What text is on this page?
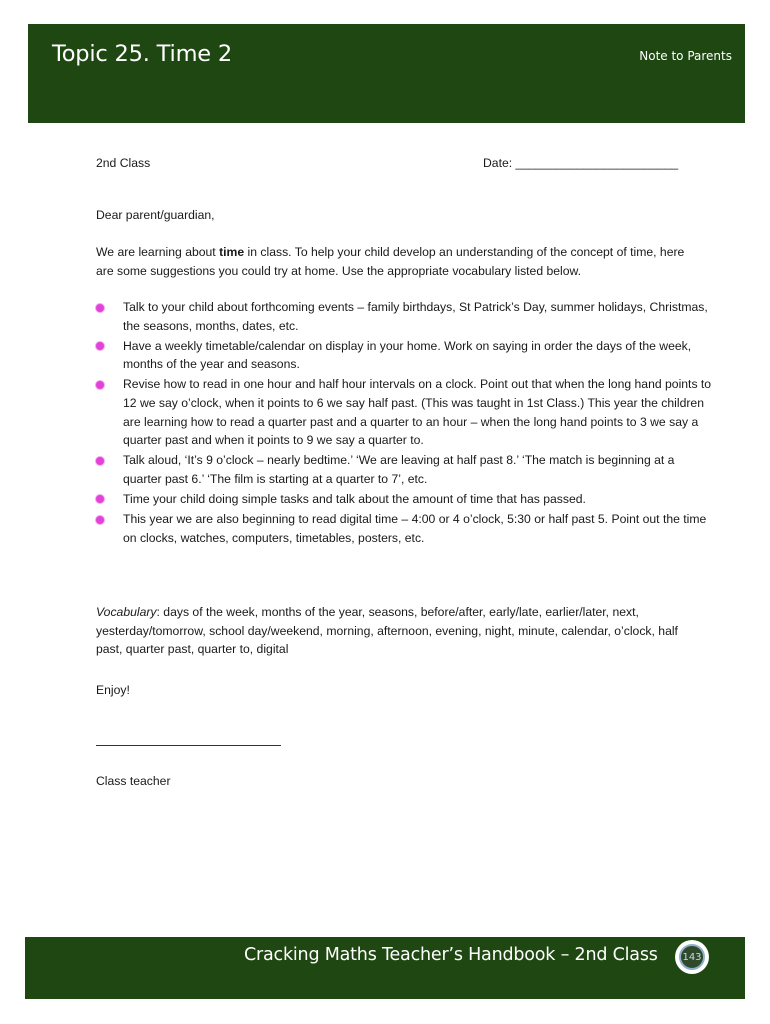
Topic 25. Time 2	Note to Parents
2nd Class	Date: ________________________
Dear parent/guardian,

We are learning about time in class. To help your child develop an understanding of the concept of time, here are some suggestions you could try at home. Use the appropriate vocabulary listed below.

Talk to your child about forthcoming events – family birthdays, St Patrick’s Day, summer holidays, Christmas, the seasons, months, dates, etc.
Have a weekly timetable/calendar on display in your home. Work on saying in order the days of the week, months of the year and seasons.
Revise how to read in one hour and half hour intervals on a clock. Point out that when the long hand points to 12 we say o’clock, when it points to 6 we say half past. (This was taught in 1st Class.) This year the children are learning how to read a quarter past and a quarter to an hour – when the long hand points to 3 we say a quarter past and when it points to 9 we say a quarter to.
Talk aloud, ‘It’s 9 o’clock – nearly bedtime.’ ‘We are leaving at half past 8.’ ‘The match is beginning at a quarter past 6.’ ‘The film is starting at a quarter to 7’, etc.
Time your child doing simple tasks and talk about the amount of time that has passed.
This year we are also beginning to read digital time – 4:00 or 4 o’clock, 5:30 or half past 5. Point out the time on clocks, watches, computers, timetables, posters, etc.

Vocabulary: days of the week, months of the year, seasons, before/after, early/late, earlier/later, next, yesterday/tomorrow, school day/weekend, morning, afternoon, evening, night, minute, calendar, o’clock, half past, quarter past, quarter to, digital

Enjoy!
Class teacher
Cracking Maths Teacher’s Handbook – 2nd Class	143
